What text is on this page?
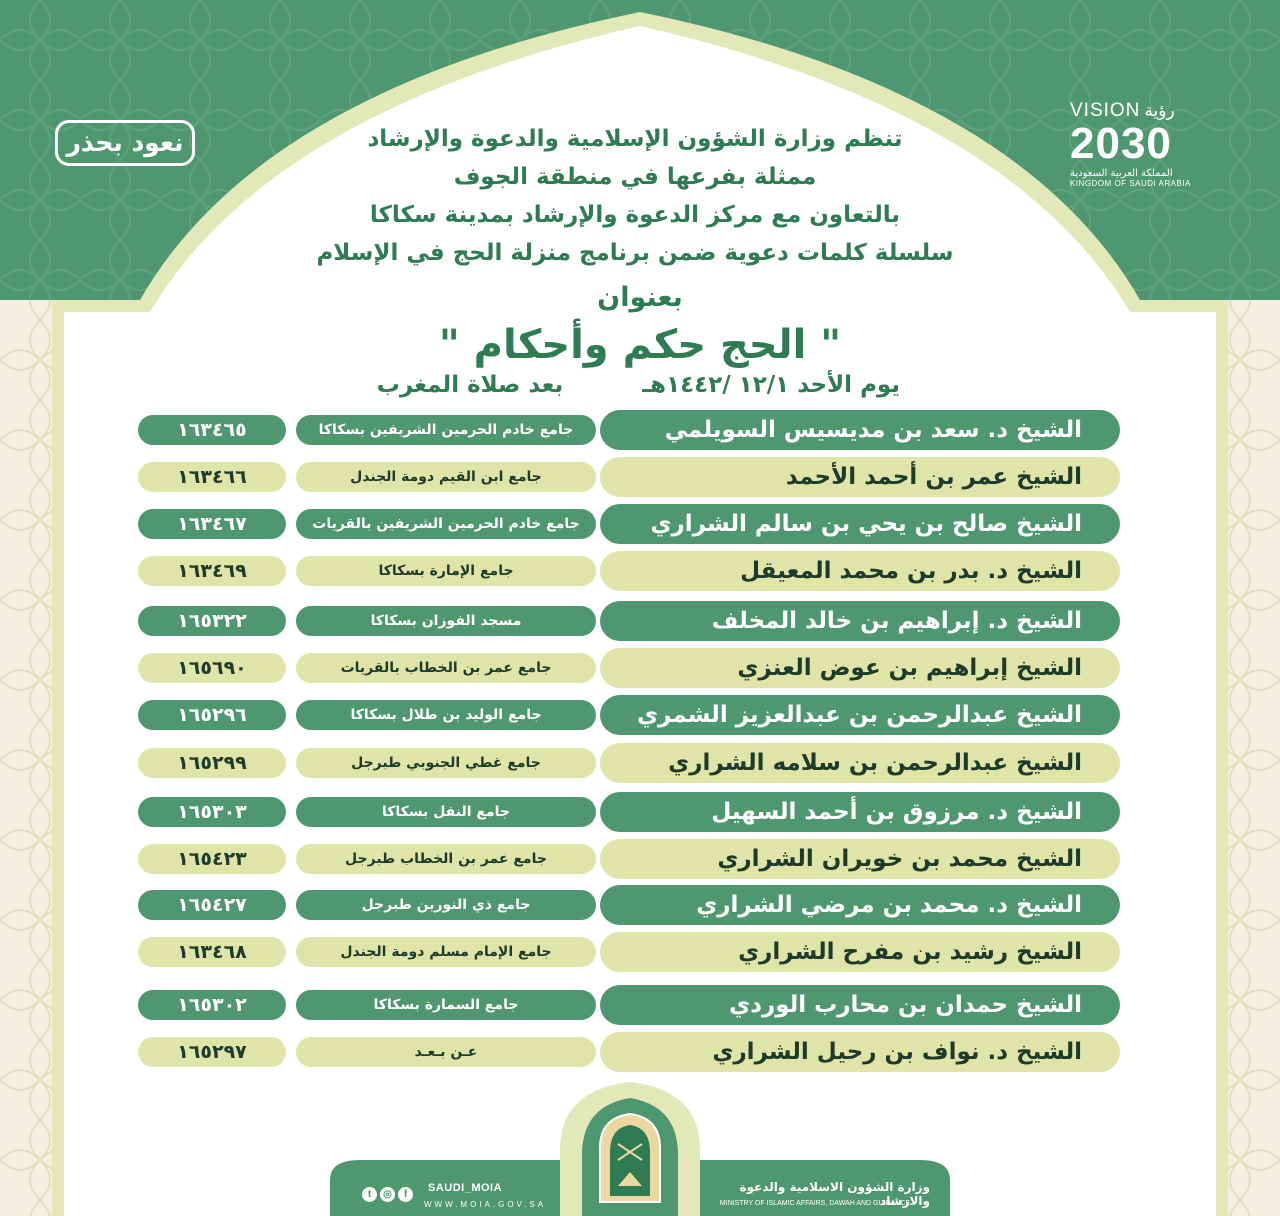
VISION رؤية
2030
المملكة العربية السعودية
KINGDOM OF SAUDI ARABIA
نعود بحذر	تنظم وزارة الشؤون الإسلامية والدعوة والإرشاد
ممثلة بفرعها في منطقة الجوف
بالتعاون مع مركز الدعوة والإرشاد بمدينة سكاكا
سلسلة كلمات دعوية ضمن برنامج منزلة الحج في الإسلام
بعنوان
" الحج حكم وأحكام "
يوم الأحد ١٢/١ /١٤٤٢هـ
بعد صلاة المغرب
الشيخ د. سعد بن مديسيس السويلمي
جامع خادم الحرمين الشريفين بسكاكا
١٦٣٤٦٥
الشيخ عمر بن أحمد الأحمد
جامع ابن القيم دومة الجندل
١٦٣٤٦٦
الشيخ صالح بن يحي بن سالم الشراري
جامع خادم الحرمين الشريفين بالقريات
١٦٣٤٦٧
الشيخ د. بدر بن محمد المعيقل
جامع الإمارة بسكاكا
١٦٣٤٦٩
الشيخ د. إبراهيم بن خالد المخلف
مسجد الفوزان بسكاكا
١٦٥٣٢٢
الشيخ إبراهيم بن عوض العنزي
جامع عمر بن الخطاب بالقريات
١٦٥٦٩٠
الشيخ عبدالرحمن بن عبدالعزيز الشمري
جامع الوليد بن طلال بسكاكا
١٦٥٢٩٦
الشيخ عبدالرحمن بن سلامه الشراري
جامع غطي الجنوبي طبرجل
١٦٥٢٩٩
الشيخ د. مرزوق بن أحمد السهيل
جامع النفل بسكاكا
١٦٥٣٠٣
الشيخ محمد بن خويران الشراري
جامع عمر بن الخطاب طبرجل
١٦٥٤٢٣
الشيخ د. محمد بن مرضي الشراري
جامع ذي النورين طبرجل
١٦٥٤٢٧
الشيخ رشيد بن مفرح الشراري
جامع الإمام مسلم دومة الجندل
١٦٣٤٦٨
الشيخ حمدان بن محارب الوردي
جامع السمارة بسكاكا
١٦٥٣٠٢
الشيخ د. نواف بن رحيل الشراري
عـن بـعـد
١٦٥٢٩٧
t ◎ f
SAUDI_MOIA
WWW.MOIA.GOV.SA
وزارة الشؤون الاسلامية والدعوة والارشاد
MINISTRY OF ISLAMIC AFFAIRS, DAWAH AND GUIDANCE
